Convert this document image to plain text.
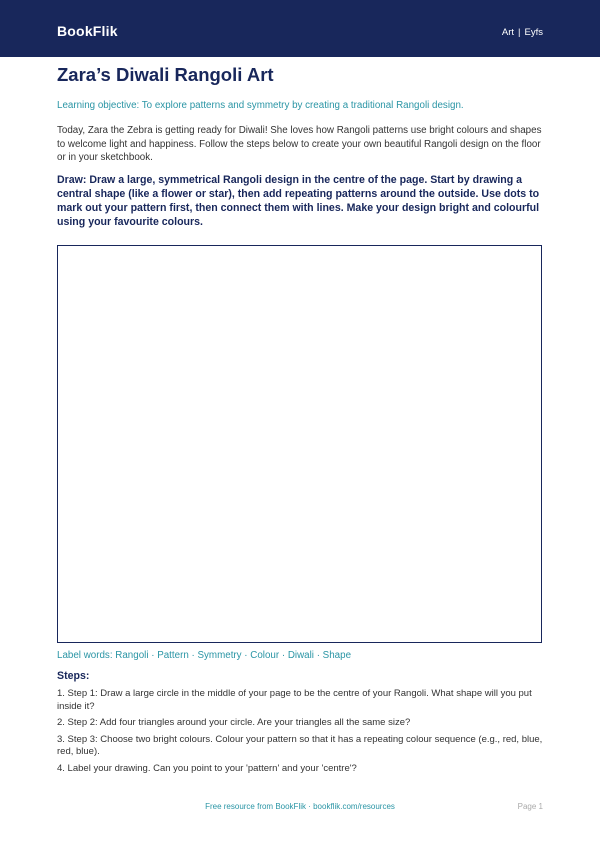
BookFlik	Art | Eyfs
Zara’s Diwali Rangoli Art
Learning objective: To explore patterns and symmetry by creating a traditional Rangoli design.
Today, Zara the Zebra is getting ready for Diwali! She loves how Rangoli patterns use bright colours and shapes to welcome light and happiness. Follow the steps below to create your own beautiful Rangoli design on the floor or in your sketchbook.
Draw: Draw a large, symmetrical Rangoli design in the centre of the page. Start by drawing a central shape (like a flower or star), then add repeating patterns around the outside. Use dots to mark out your pattern first, then connect them with lines. Make your design bright and colourful using your favourite colours.
Label words: Rangoli · Pattern · Symmetry · Colour · Diwali · Shape
Steps:
1. Step 1: Draw a large circle in the middle of your page to be the centre of your Rangoli. What shape will you put inside it?
2. Step 2: Add four triangles around your circle. Are your triangles all the same size?
3. Step 3: Choose two bright colours. Colour your pattern so that it has a repeating colour sequence (e.g., red, blue, red, blue).
4. Label your drawing. Can you point to your 'pattern' and your 'centre'?
Free resource from BookFlik · bookflik.com/resources	Page 1
